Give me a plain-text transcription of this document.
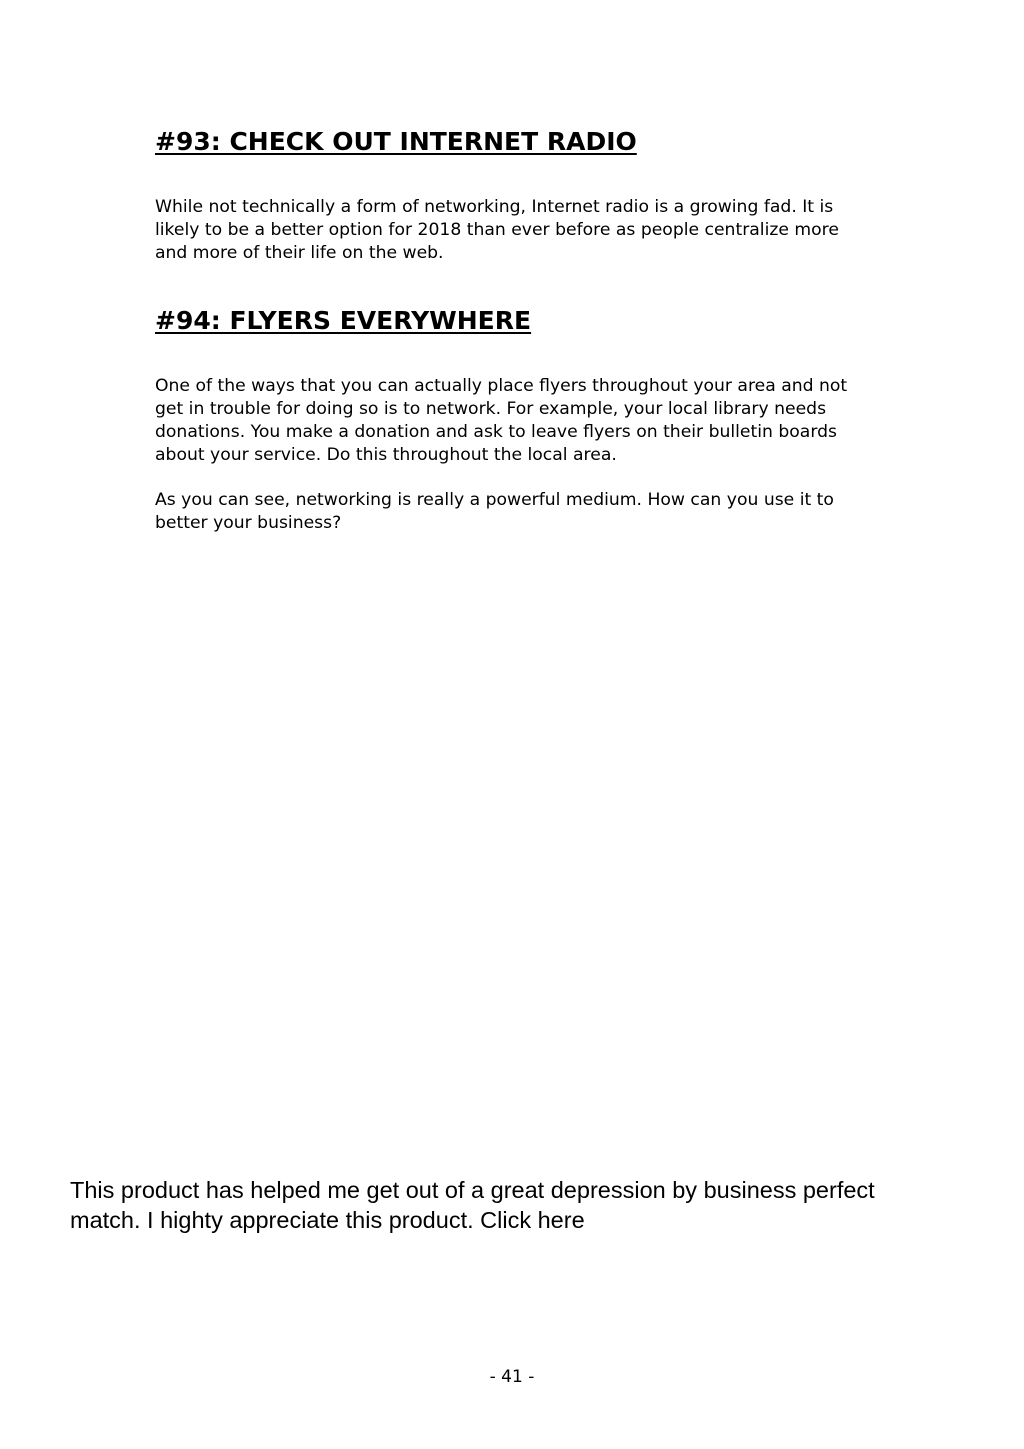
#93: CHECK OUT INTERNET RADIO

While not technically a form of networking, Internet radio is a growing fad. It is likely to be a better option for 2018 than ever before as people centralize more and more of their life on the web.

#94: FLYERS EVERYWHERE

One of the ways that you can actually place flyers throughout your area and not get in trouble for doing so is to network. For example, your local library needs donations. You make a donation and ask to leave flyers on their bulletin boards about your service. Do this throughout the local area.

As you can see, networking is really a powerful medium. How can you use it to better your business?

This product has helped me get out of a great depression by business perfect match. I highty appreciate this product. Click here

- 41 -
